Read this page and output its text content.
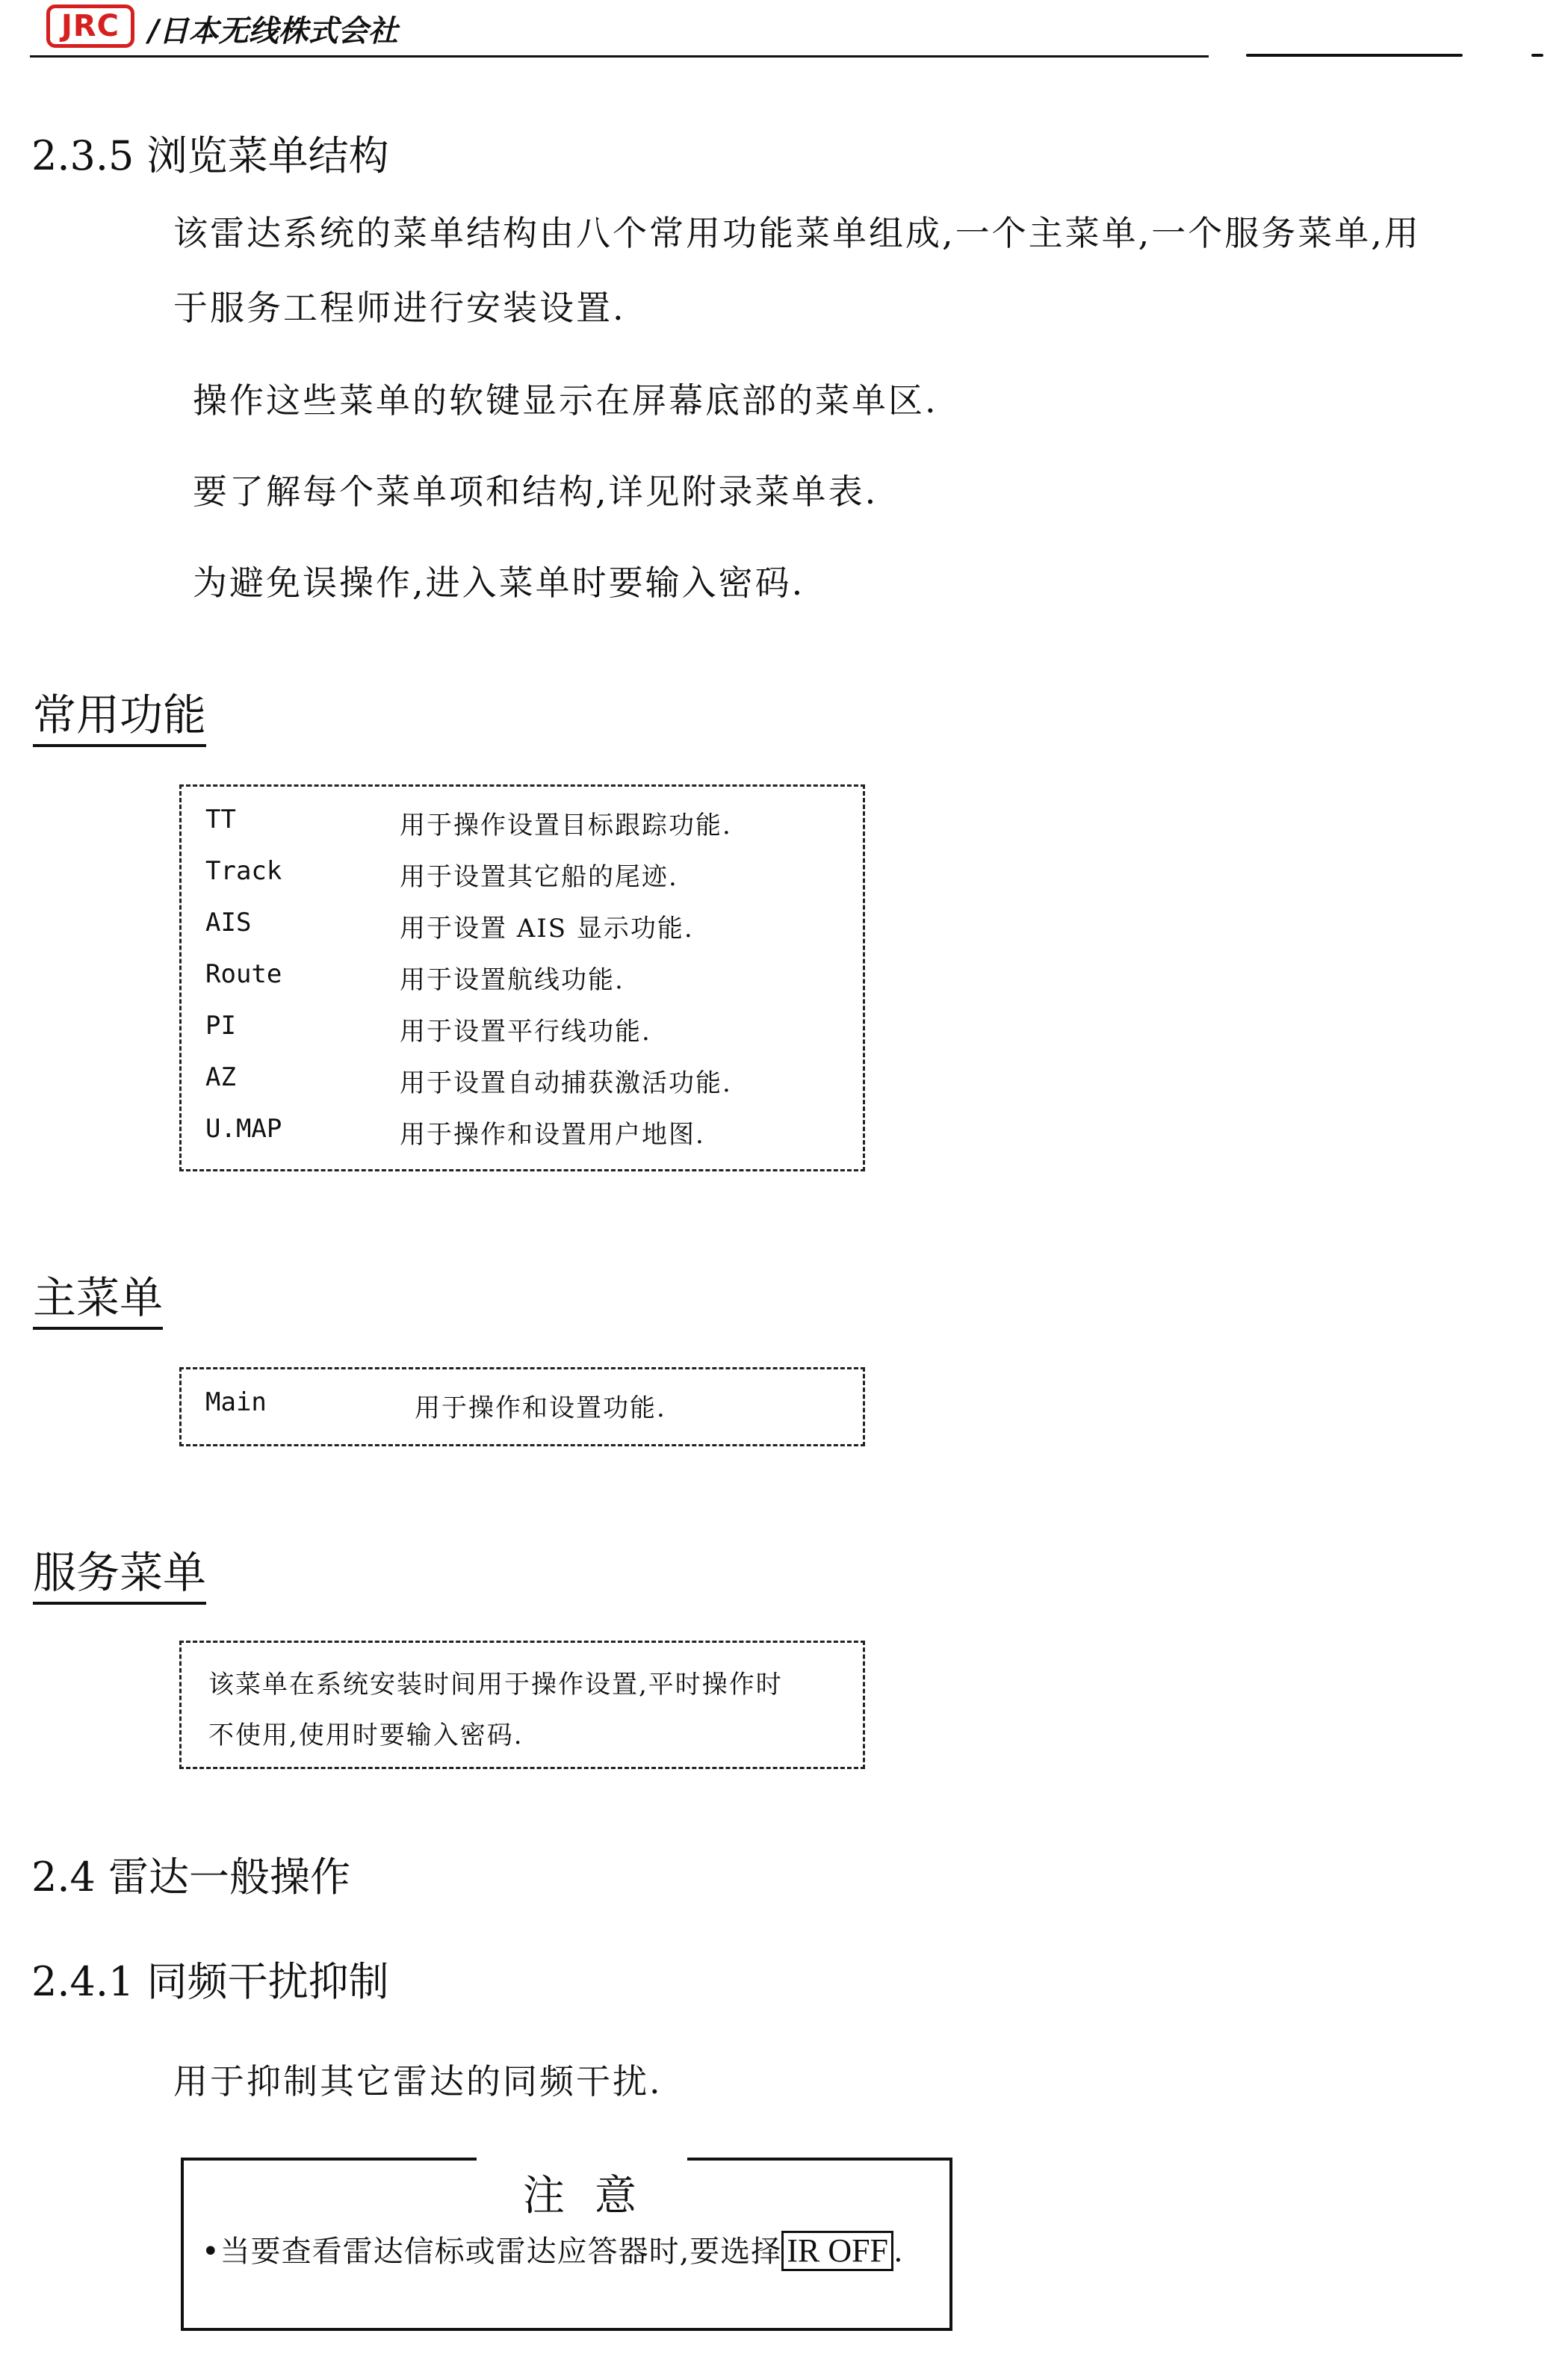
JRC /日本无线株式会社
2.3.5 浏览菜单结构
该雷达系统的菜单结构由八个常用功能菜单组成,一个主菜单,一个服务菜单,用
于服务工程师进行安装设置.
操作这些菜单的软键显示在屏幕底部的菜单区.
要了解每个菜单项和结构,详见附录菜单表.
为避免误操作,进入菜单时要输入密码.
常用功能
TT	用于操作设置目标跟踪功能.
Track	用于设置其它船的尾迹.
AIS	用于设置 AIS 显示功能.
Route	用于设置航线功能.
PI	用于设置平行线功能.
AZ	用于设置自动捕获激活功能.
U.MAP	用于操作和设置用户地图.
主菜单
Main	用于操作和设置功能.
服务菜单
该菜单在系统安装时间用于操作设置,平时操作时
不使用,使用时要输入密码.
2.4 雷达一般操作
2.4.1 同频干扰抑制
用于抑制其它雷达的同频干扰.
注意
•当要查看雷达信标或雷达应答器时,要选择 IR OFF .
